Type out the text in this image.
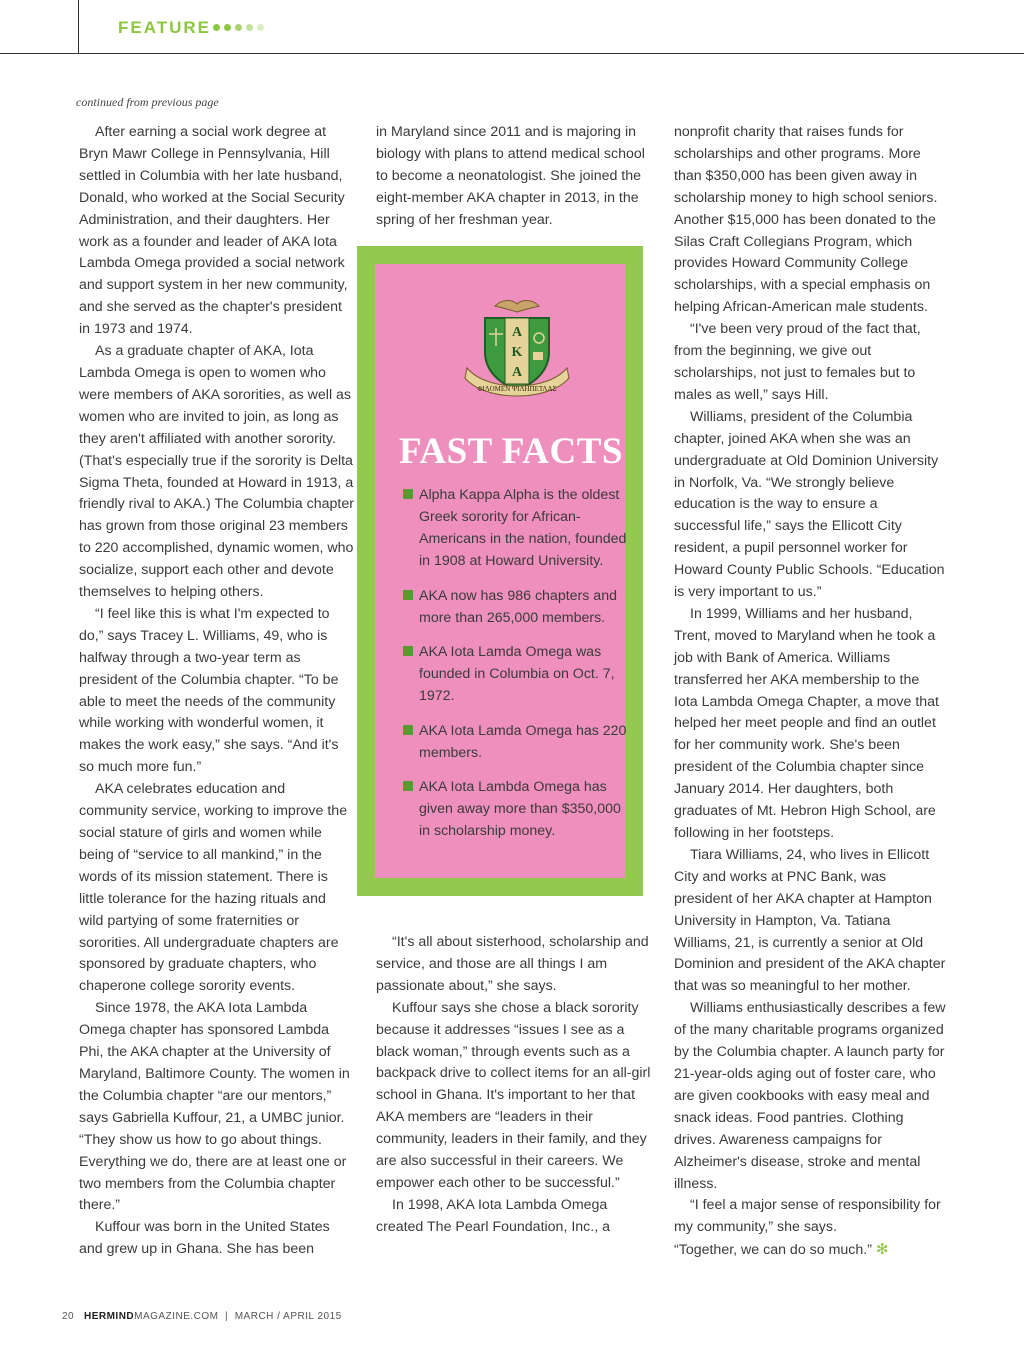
FEATURE
continued from previous page

After earning a social work degree at Bryn Mawr College in Pennsylvania, Hill settled in Columbia with her late husband, Donald, who worked at the Social Security Administration, and their daughters. Her work as a founder and leader of AKA Iota Lambda Omega provided a social network and support system in her new community, and she served as the chapter's president in 1973 and 1974.

As a graduate chapter of AKA, Iota Lambda Omega is open to women who were members of AKA sororities, as well as women who are invited to join, as long as they aren't affiliated with another sorority. (That's especially true if the sorority is Delta Sigma Theta, founded at Howard in 1913, a friendly rival to AKA.) The Columbia chapter has grown from those original 23 members to 220 accomplished, dynamic women, who socialize, support each other and devote themselves to helping others.

“I feel like this is what I'm expected to do,” says Tracey L. Williams, 49, who is halfway through a two-year term as president of the Columbia chapter. “To be able to meet the needs of the community while working with wonderful women, it makes the work easy,” she says. “And it's so much more fun.”

AKA celebrates education and community service, working to improve the social stature of girls and women while being of “service to all mankind,” in the words of its mission statement. There is little tolerance for the hazing rituals and wild partying of some fraternities or sororities. All undergraduate chapters are sponsored by graduate chapters, who chaperone college sorority events.

Since 1978, the AKA Iota Lambda Omega chapter has sponsored Lambda Phi, the AKA chapter at the University of Maryland, Baltimore County. The women in the Columbia chapter “are our mentors,” says Gabriella Kuffour, 21, a UMBC junior. “They show us how to go about things. Everything we do, there are at least one or two members from the Columbia chapter there.”

Kuffour was born in the United States and grew up in Ghana. She has been

in Maryland since 2011 and is majoring in biology with plans to attend medical school to become a neonatologist. She joined the eight-member AKA chapter in 2013, in the spring of her freshman year.

A
K
A
ΦΙΛΟΜΕΝ ΨΙΛΗΠΕΤΛΑΣ
FAST FACTS
Alpha Kappa Alpha is the oldest Greek sorority for African-Americans in the nation, founded in 1908 at Howard University.
AKA now has 986 chapters and more than 265,000 members.
AKA Iota Lamda Omega was founded in Columbia on Oct. 7, 1972.
AKA Iota Lamda Omega has 220 members.
AKA Iota Lambda Omega has given away more than $350,000 in scholarship money.

“It's all about sisterhood, scholarship and service, and those are all things I am passionate about,” she says.

Kuffour says she chose a black sorority because it addresses “issues I see as a black woman,” through events such as a backpack drive to collect items for an all-girl school in Ghana. It's important to her that AKA members are “leaders in their community, leaders in their family, and they are also successful in their careers. We empower each other to be successful.”

In 1998, AKA Iota Lambda Omega created The Pearl Foundation, Inc., a

nonprofit charity that raises funds for scholarships and other programs. More than $350,000 has been given away in scholarship money to high school seniors. Another $15,000 has been donated to the Silas Craft Collegians Program, which provides Howard Community College scholarships, with a special emphasis on helping African-American male students.

“I've been very proud of the fact that, from the beginning, we give out scholarships, not just to females but to males as well,” says Hill.

Williams, president of the Columbia chapter, joined AKA when she was an undergraduate at Old Dominion University in Norfolk, Va. “We strongly believe education is the way to ensure a successful life,” says the Ellicott City resident, a pupil personnel worker for Howard County Public Schools. “Education is very important to us.”

In 1999, Williams and her husband, Trent, moved to Maryland when he took a job with Bank of America. Williams transferred her AKA membership to the Iota Lambda Omega Chapter, a move that helped her meet people and find an outlet for her community work. She's been president of the Columbia chapter since January 2014. Her daughters, both graduates of Mt. Hebron High School, are following in her footsteps.

Tiara Williams, 24, who lives in Ellicott City and works at PNC Bank, was president of her AKA chapter at Hampton University in Hampton, Va. Tatiana Williams, 21, is currently a senior at Old Dominion and president of the AKA chapter that was so meaningful to her mother.

Williams enthusiastically describes a few of the many charitable programs organized by the Columbia chapter. A launch party for 21-year-olds aging out of foster care, who are given cookbooks with easy meal and snack ideas. Food pantries. Clothing drives. Awareness campaigns for Alzheimer's disease, stroke and mental illness.

“I feel a major sense of responsibility for my community,” she says.

“Together, we can do so much.” ✻

20 HERMINDMAGAZINE.COM | MARCH / APRIL 2015
